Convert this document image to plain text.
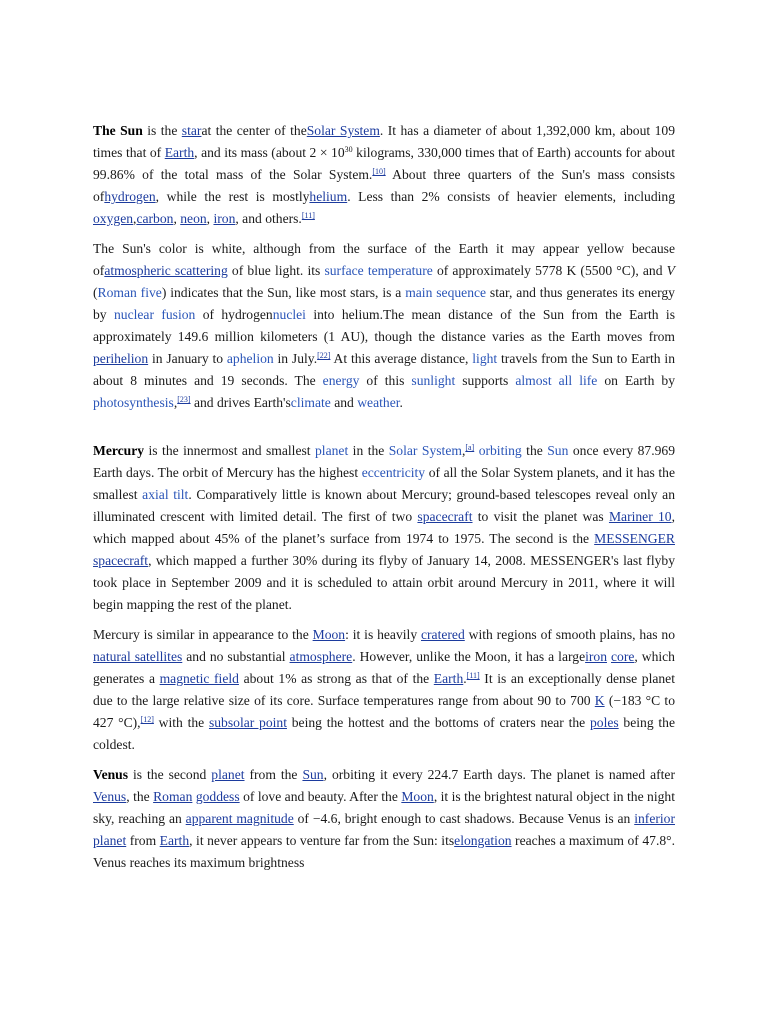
The Sun is the starat the center of theSolar System. It has a diameter of about 1,392,000 km, about 109 times that of Earth, and its mass (about $2 \times 10^{30}$ kilograms, 330,000 times that of Earth) accounts for about 99.86% of the total mass of the Solar System.[10] About three quarters of the Sun's mass consists ofhydrogen, while the rest is mostlyhelium. Less than 2% consists of heavier elements, including oxygen,carbon, neon, iron, and others.[11]

The Sun's color is white, although from the surface of the Earth it may appear yellow because ofatmospheric scattering of blue light. its surface temperature of approximately 5778 K (5500 °C), and V (Roman five) indicates that the Sun, like most stars, is a main sequence star, and thus generates its energy by nuclear fusion of hydrogennuclei into helium.The mean distance of the Sun from the Earth is approximately 149.6 million kilometers (1 AU), though the distance varies as the Earth moves from perihelion in January to aphelion in July.[22] At this average distance, light travels from the Sun to Earth in about 8 minutes and 19 seconds. The energy of this sunlight supports almost all life on Earth by photosynthesis,[23] and drives Earth'sclimate and weather.

Mercury is the innermost and smallest planet in the Solar System,[a] orbiting the Sun once every 87.969 Earth days. The orbit of Mercury has the highest eccentricity of all the Solar System planets, and it has the smallest axial tilt. Comparatively little is known about Mercury; ground-based telescopes reveal only an illuminated crescent with limited detail. The first of two spacecraft to visit the planet was Mariner 10, which mapped about 45% of the planet’s surface from 1974 to 1975. The second is the MESSENGER spacecraft, which mapped a further 30% during its flyby of January 14, 2008. MESSENGER's last flyby took place in September 2009 and it is scheduled to attain orbit around Mercury in 2011, where it will begin mapping the rest of the planet.

Mercury is similar in appearance to the Moon: it is heavily cratered with regions of smooth plains, has no natural satellites and no substantial atmosphere. However, unlike the Moon, it has a largeiron core, which generates a magnetic field about 1% as strong as that of the Earth.[11] It is an exceptionally dense planet due to the large relative size of its core. Surface temperatures range from about 90 to 700 K (−183 °C to 427 °C),[12] with the subsolar point being the hottest and the bottoms of craters near the poles being the coldest.

Venus is the second planet from the Sun, orbiting it every 224.7 Earth days. The planet is named after Venus, the Roman goddess of love and beauty. After the Moon, it is the brightest natural object in the night sky, reaching an apparent magnitude of −4.6, bright enough to cast shadows. Because Venus is an inferior planet from Earth, it never appears to venture far from the Sun: itselongation reaches a maximum of 47.8°. Venus reaches its maximum brightness
